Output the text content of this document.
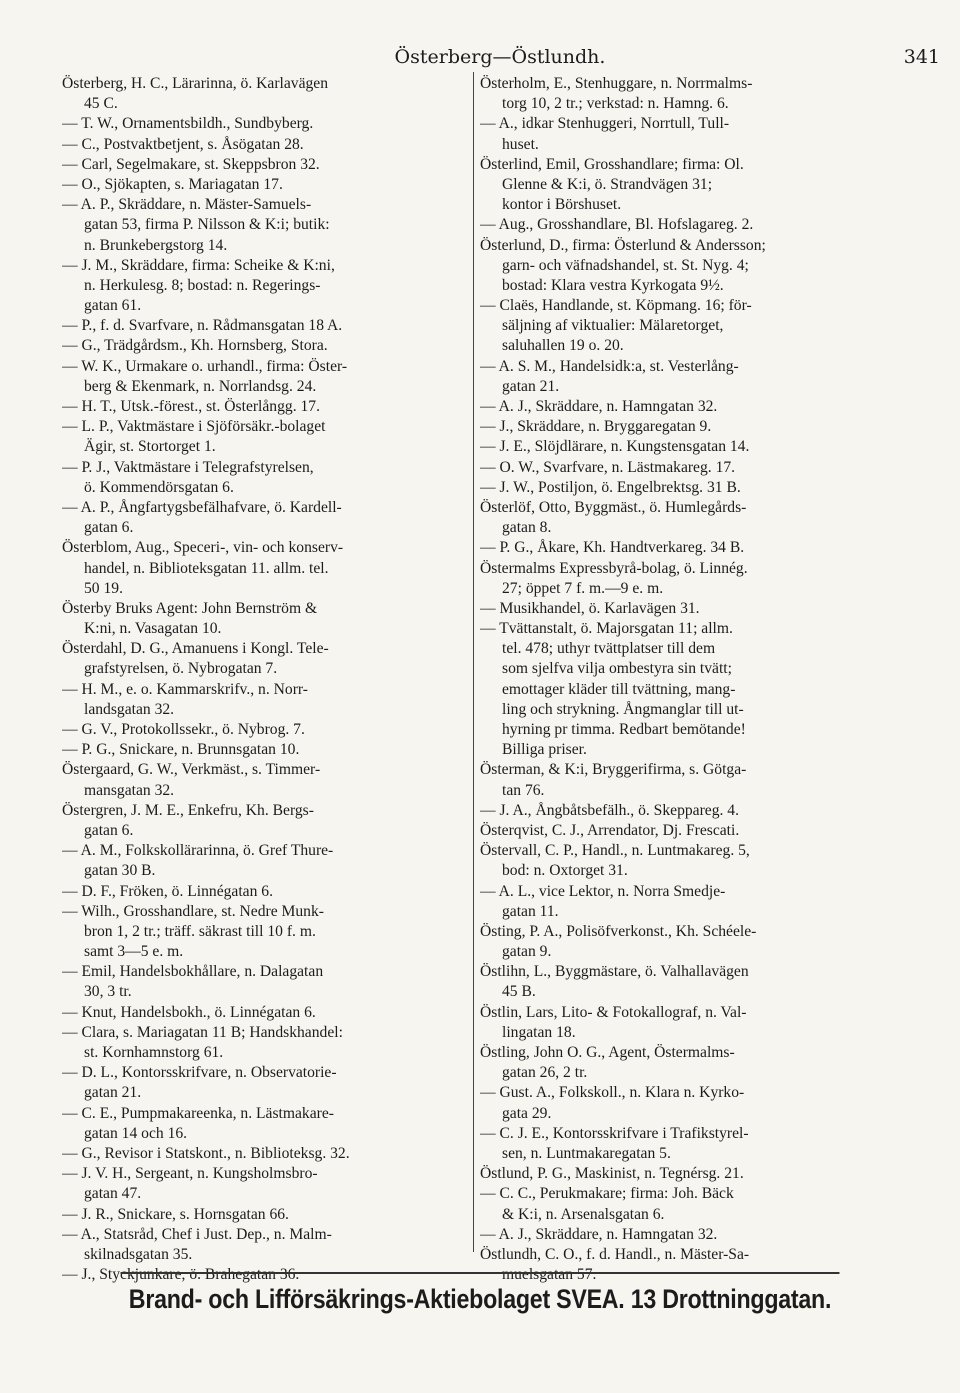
Österberg—Östlundh.	341
Österberg, H. C., Lärarinna, ö. Karlavägen
45 C.
— T. W., Ornamentsbildh., Sundbyberg.
— C., Postvaktbetjent, s. Åsögatan 28.
— Carl, Segelmakare, st. Skeppsbron 32.
— O., Sjökapten, s. Mariagatan 17.
— A. P., Skräddare, n. Mäster-Samuels-
gatan 53, firma P. Nilsson & K:i; butik:
n. Brunkebergstorg 14.
— J. M., Skräddare, firma: Scheike & K:ni,
n. Herkulesg. 8; bostad: n. Regerings-
gatan 61.
— P., f. d. Svarfvare, n. Rådmansgatan 18 A.
— G., Trädgårdsm., Kh. Hornsberg, Stora.
— W. K., Urmakare o. urhandl., firma: Öster-
berg & Ekenmark, n. Norrlandsg. 24.
— H. T., Utsk.-förest., st. Österlångg. 17.
— L. P., Vaktmästare i Sjöförsäkr.-bolaget
Ägir, st. Stortorget 1.
— P. J., Vaktmästare i Telegrafstyrelsen,
ö. Kommendörsgatan 6.
— A. P., Ångfartygsbefälhafvare, ö. Kardell-
gatan 6.
Österblom, Aug., Speceri-, vin- och konserv-
handel, n. Biblioteksgatan 11. allm. tel.
50 19.
Österby Bruks Agent: John Bernström &
K:ni, n. Vasagatan 10.
Österdahl, D. G., Amanuens i Kongl. Tele-
grafstyrelsen, ö. Nybrogatan 7.
— H. M., e. o. Kammarskrifv., n. Norr-
landsgatan 32.
— G. V., Protokollssekr., ö. Nybrog. 7.
— P. G., Snickare, n. Brunnsgatan 10.
Östergaard, G. W., Verkmäst., s. Timmer-
mansgatan 32.
Östergren, J. M. E., Enkefru, Kh. Bergs-
gatan 6.
— A. M., Folkskollärarinna, ö. Gref Thure-
gatan 30 B.
— D. F., Fröken, ö. Linnégatan 6.
— Wilh., Grosshandlare, st. Nedre Munk-
bron 1, 2 tr.; träff. säkrast till 10 f. m.
samt 3—5 e. m.
— Emil, Handelsbokhållare, n. Dalagatan
30, 3 tr.
— Knut, Handelsbokh., ö. Linnégatan 6.
— Clara, s. Mariagatan 11 B; Handskhandel:
st. Kornhamnstorg 61.
— D. L., Kontorsskrifvare, n. Observatorie-
gatan 21.
— C. E., Pumpmakareenka, n. Lästmakare-
gatan 14 och 16.
— G., Revisor i Statskont., n. Biblioteksg. 32.
— J. V. H., Sergeant, n. Kungsholmsbro-
gatan 47.
— J. R., Snickare, s. Hornsgatan 66.
— A., Statsråd, Chef i Just. Dep., n. Malm-
skilnadsgatan 35.
— J., Styckjunkare, ö. Brahegatan 36.
Österholm, E., Stenhuggare, n. Norrmalms-
torg 10, 2 tr.; verkstad: n. Hamng. 6.
— A., idkar Stenhuggeri, Norrtull, Tull-
huset.
Österlind, Emil, Grosshandlare; firma: Ol.
Glenne & K:i, ö. Strandvägen 31;
kontor i Börshuset.
— Aug., Grosshandlare, Bl. Hofslagareg. 2.
Österlund, D., firma: Österlund & Andersson;
garn- och väfnadshandel, st. St. Nyg. 4;
bostad: Klara vestra Kyrkogata 9½.
— Claës, Handlande, st. Köpmang. 16; för-
säljning af viktualier: Mälaretorget,
saluhallen 19 o. 20.
— A. S. M., Handelsidk:a, st. Vesterlång-
gatan 21.
— A. J., Skräddare, n. Hamngatan 32.
— J., Skräddare, n. Bryggaregatan 9.
— J. E., Slöjdlärare, n. Kungstensgatan 14.
— O. W., Svarfvare, n. Lästmakareg. 17.
— J. W., Postiljon, ö. Engelbrektsg. 31 B.
Österlöf, Otto, Byggmäst., ö. Humlegårds-
gatan 8.
— P. G., Åkare, Kh. Handtverkareg. 34 B.
Östermalms Expressbyrå-bolag, ö. Linnég.
27; öppet 7 f. m.—9 e. m.
— Musikhandel, ö. Karlavägen 31.
— Tvättanstalt, ö. Majorsgatan 11; allm.
tel. 478; uthyr tvättplatser till dem
som sjelfva vilja ombestyra sin tvätt;
emottager kläder till tvättning, mang-
ling och strykning. Ångmanglar till ut-
hyrning pr timma. Redbart bemötande!
Billiga priser.
Österman, & K:i, Bryggerifirma, s. Götga-
tan 76.
— J. A., Ångbåtsbefälh., ö. Skeppareg. 4.
Österqvist, C. J., Arrendator, Dj. Frescati.
Östervall, C. P., Handl., n. Luntmakareg. 5,
bod: n. Oxtorget 31.
— A. L., vice Lektor, n. Norra Smedje-
gatan 11.
Östing, P. A., Polisöfverkonst., Kh. Schéele-
gatan 9.
Östlihn, L., Byggmästare, ö. Valhallavägen
45 B.
Östlin, Lars, Lito- & Fotokallograf, n. Val-
lingatan 18.
Östling, John O. G., Agent, Östermalms-
gatan 26, 2 tr.
— Gust. A., Folkskoll., n. Klara n. Kyrko-
gata 29.
— C. J. E., Kontorsskrifvare i Trafikstyrel-
sen, n. Luntmakaregatan 5.
Östlund, P. G., Maskinist, n. Tegnérsg. 21.
— C. C., Perukmakare; firma: Joh. Bäck
& K:i, n. Arsenalsgatan 6.
— A. J., Skräddare, n. Hamngatan 32.
Östlundh, C. O., f. d. Handl., n. Mäster-Sa-
muelsgatan 57.
Brand- och Lifförsäkrings-Aktiebolaget SVEA. 13 Drottninggatan.
